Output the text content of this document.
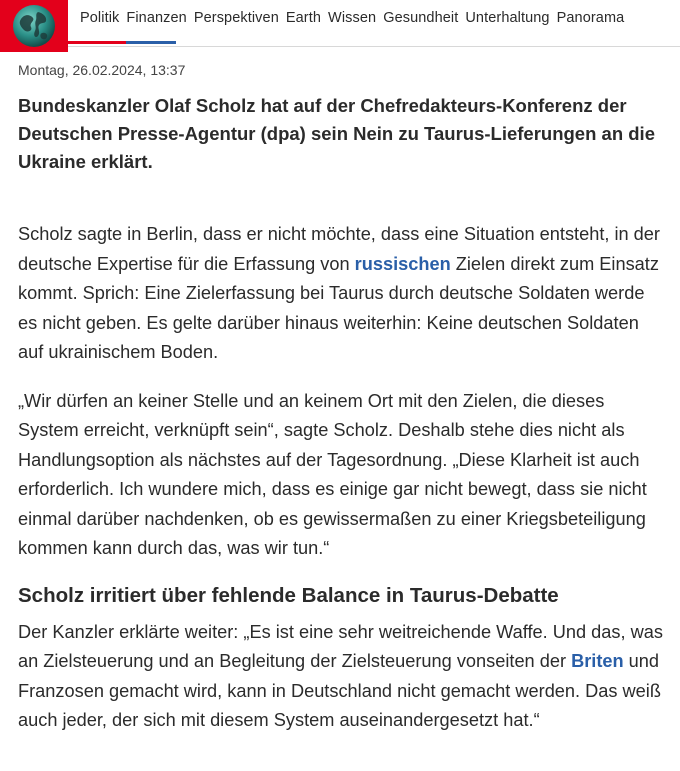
Politik Finanzen Perspektiven Earth Wissen Gesundheit Unterhaltung Panorama
Montag, 26.02.2024, 13:37
Bundeskanzler Olaf Scholz hat auf der Chefredakteurs-Konferenz der Deutschen Presse-Agentur (dpa) sein Nein zu Taurus-Lieferungen an die Ukraine erklärt.

Scholz sagte in Berlin, dass er nicht möchte, dass eine Situation entsteht, in der deutsche Expertise für die Erfassung von russischen Zielen direkt zum Einsatz kommt. Sprich: Eine Zielerfassung bei Taurus durch deutsche Soldaten werde es nicht geben. Es gelte darüber hinaus weiterhin: Keine deutschen Soldaten auf ukrainischem Boden.

„Wir dürfen an keiner Stelle und an keinem Ort mit den Zielen, die dieses System erreicht, verknüpft sein“, sagte Scholz. Deshalb stehe dies nicht als Handlungsoption als nächstes auf der Tagesordnung. „Diese Klarheit ist auch erforderlich. Ich wundere mich, dass es einige gar nicht bewegt, dass sie nicht einmal darüber nachdenken, ob es gewissermaßen zu einer Kriegsbeteiligung kommen kann durch das, was wir tun.“

Scholz irritiert über fehlende Balance in Taurus-Debatte

Der Kanzler erklärte weiter: „Es ist eine sehr weitreichende Waffe. Und das, was an Zielsteuerung und an Begleitung der Zielsteuerung vonseiten der Briten und Franzosen gemacht wird, kann in Deutschland nicht gemacht werden. Das weiß auch jeder, der sich mit diesem System auseinandergesetzt hat.“
